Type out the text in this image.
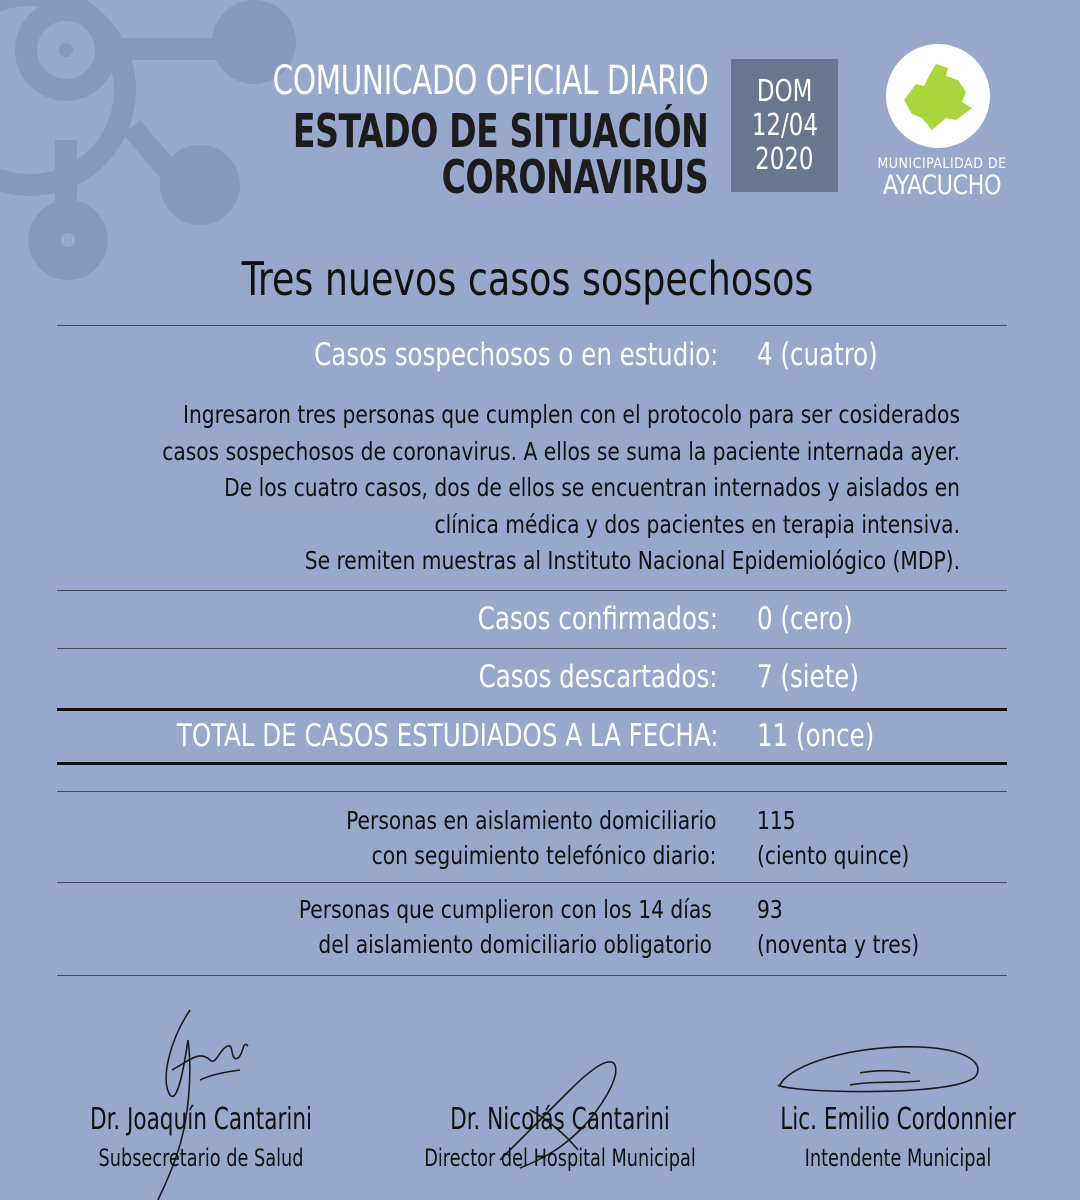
COMUNICADO OFICIAL DIARIO
ESTADO DE SITUACIÓN
CORONAVIRUS
DOM
12/04
2020	MUNICIPALIDAD DE
AYACUCHO
Tres nuevos casos sospechosos
Casos sospechosos o en estudio: 4 (cuatro)
Ingresaron tres personas que cumplen con el protocolo para ser cosiderados
casos sospechosos de coronavirus. A ellos se suma la paciente internada ayer.
De los cuatro casos, dos de ellos se encuentran internados y aislados en
clínica médica y dos pacientes en terapia intensiva.
Se remiten muestras al Instituto Nacional Epidemiológico (MDP).
Casos confirmados: 0 (cero)
Casos descartados: 7 (siete)
TOTAL DE CASOS ESTUDIADOS A LA FECHA: 11 (once)
Personas en aislamiento domiciliario
con seguimiento telefónico diario:
115
(ciento quince)
Personas que cumplieron con los 14 días
del aislamiento domiciliario obligatorio
93
(noventa y tres)
Dr. Joaquín Cantarini
Subsecretario de Salud
Dr. Nicolás Cantarini
Director del Hospital Municipal
Lic. Emilio Cordonnier
Intendente Municipal
